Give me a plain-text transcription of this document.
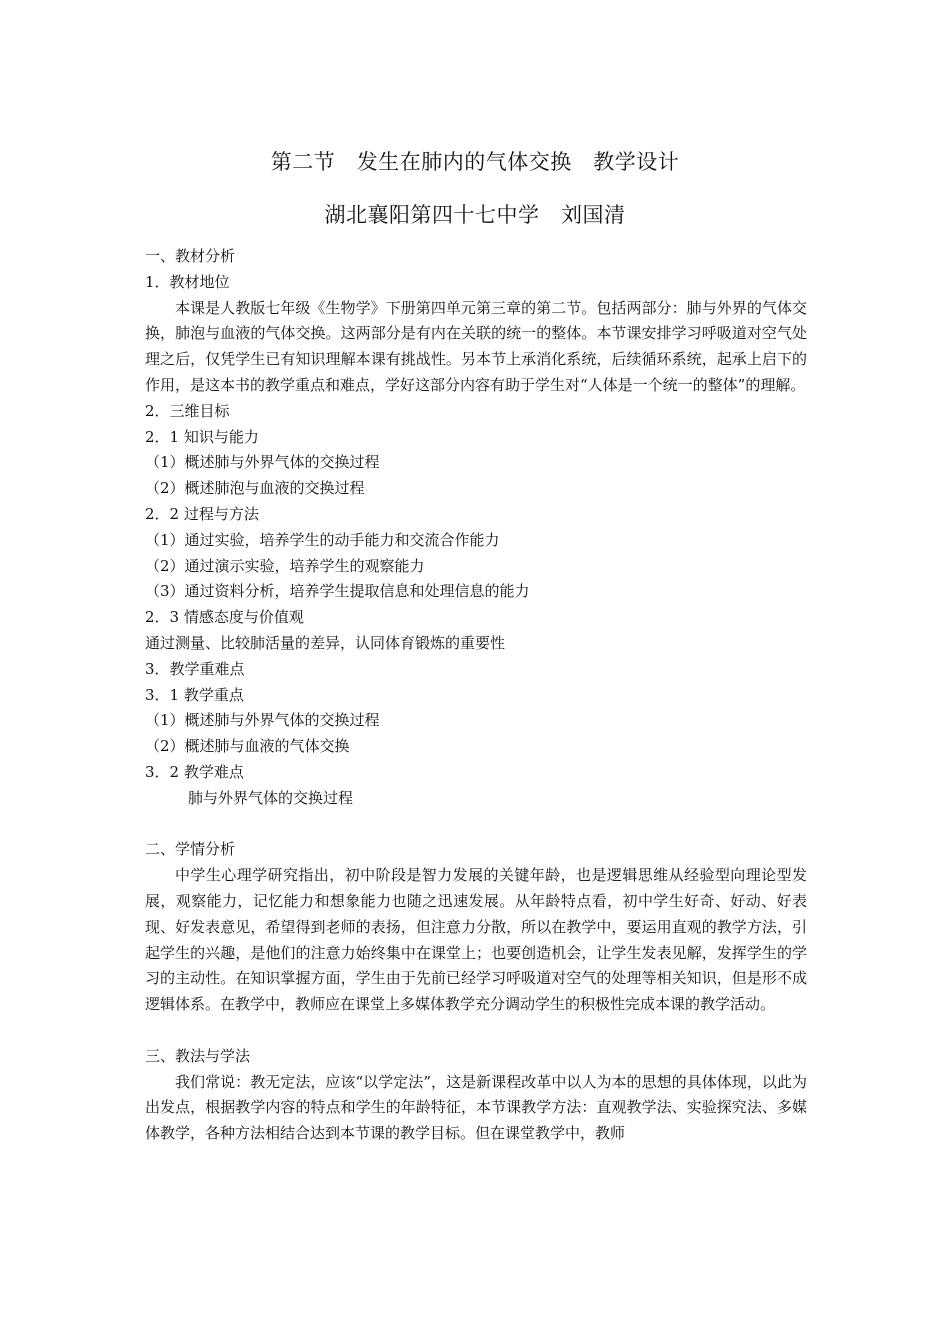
第二节　发生在肺内的气体交换　教学设计
湖北襄阳第四十七中学　刘国清

一、教材分析

1．教材地位

本课是人教版七年级《生物学》下册第四单元第三章的第二节。包括两部分：肺与外界的气体交换，肺泡与血液的气体交换。这两部分是有内在关联的统一的整体。本节课安排学习呼吸道对空气处理之后，仅凭学生已有知识理解本课有挑战性。另本节上承消化系统，后续循环系统，起承上启下的作用，是这本书的教学重点和难点，学好这部分内容有助于学生对“人体是一个统一的整体”的理解。

2．三维目标

2．1 知识与能力

（1）概述肺与外界气体的交换过程

（2）概述肺泡与血液的交换过程

2．2 过程与方法

（1）通过实验，培养学生的动手能力和交流合作能力

（2）通过演示实验，培养学生的观察能力

（3）通过资料分析，培养学生提取信息和处理信息的能力

2．3 情感态度与价值观

通过测量、比较肺活量的差异，认同体育锻炼的重要性

3．教学重难点

3．1 教学重点

（1）概述肺与外界气体的交换过程

（2）概述肺与血液的气体交换

3．2 教学难点

肺与外界气体的交换过程

二、学情分析

中学生心理学研究指出，初中阶段是智力发展的关键年龄，也是逻辑思维从经验型向理论型发展，观察能力，记忆能力和想象能力也随之迅速发展。从年龄特点看，初中学生好奇、好动、好表现、好发表意见，希望得到老师的表扬，但注意力分散，所以在教学中，要运用直观的教学方法，引起学生的兴趣，是他们的注意力始终集中在课堂上；也要创造机会，让学生发表见解，发挥学生的学习的主动性。在知识掌握方面，学生由于先前已经学习呼吸道对空气的处理等相关知识，但是形不成逻辑体系。在教学中，教师应在课堂上多媒体教学充分调动学生的积极性完成本课的教学活动。

三、教法与学法

我们常说：教无定法，应该“以学定法”，这是新课程改革中以人为本的思想的具体体现，以此为出发点，根据教学内容的特点和学生的年龄特征，本节课教学方法：直观教学法、实验探究法、多媒体教学，各种方法相结合达到本节课的教学目标。但在课堂教学中，教师
